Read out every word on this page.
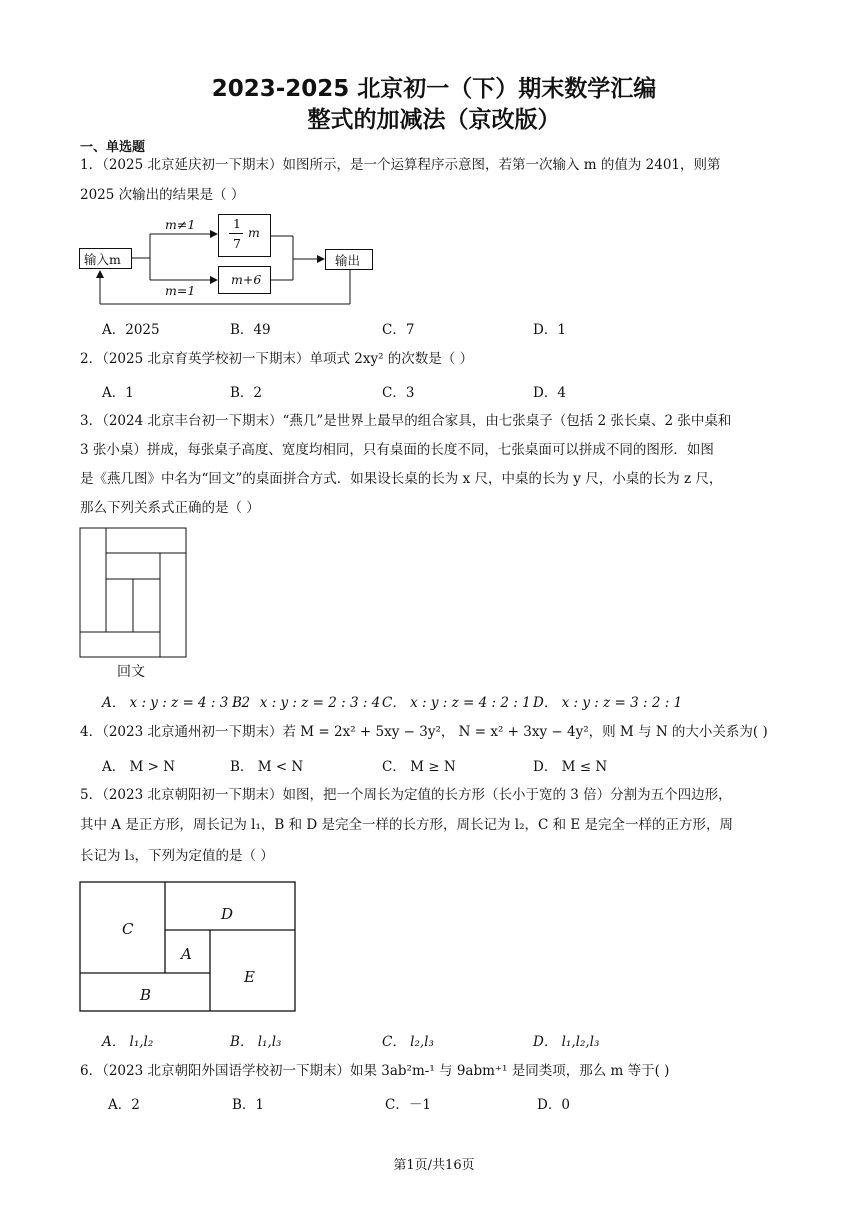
2023-2025 北京初一（下）期末数学汇编
整式的加减法（京改版）
一、单选题
1．（2025 北京延庆初一下期末）如图所示，是一个运算程序示意图，若第一次输入 m 的值为 2401，则第
2025 次输出的结果是（ ）
输入m
m≠1
m=1
1
7
m
m+6
输出
A．2025	B．49	C．7	D．1
2．（2025 北京育英学校初一下期末）单项式 2xy² 的次数是（ ）
A．1	B．2	C．3	D．4
3．（2024 北京丰台初一下期末）“燕几”是世界上最早的组合家具，由七张桌子（包括 2 张长桌、2 张中桌和
3 张小桌）拼成，每张桌子高度、宽度均相同，只有桌面的长度不同，七张桌面可以拼成不同的图形．如图
是《燕几图》中名为“回文”的桌面拼合方式．如果设长桌的长为 x 尺，中桌的长为 y 尺，小桌的长为 z 尺，
那么下列关系式正确的是（ ）
回文
A． x : y : z = 4 : 3 : 2
B． x : y : z = 2 : 3 : 4 C． x : y : z = 4 : 2 : 1 D． x : y : z = 3 : 2 : 1
4．（2023 北京通州初一下期末）若 M = 2x² + 5xy − 3y²， N = x² + 3xy − 4y²，则 M 与 N 的大小关系为( )
A． M > N	B． M < N	C． M ≥ N	D． M ≤ N
5．（2023 北京朝阳初一下期末）如图，把一个周长为定值的长方形（长小于宽的 3 倍）分割为五个四边形，
其中 A 是正方形，周长记为 l₁，B 和 D 是完全一样的长方形，周长记为 l₂，C 和 E 是完全一样的正方形，周
长记为 l₃，下列为定值的是（ ）
C
D
A
E
B
A． l₁,l₂	B． l₁,l₃	C． l₂,l₃	D． l₁,l₂,l₃
6．（2023 北京朝阳外国语学校初一下期末）如果 3ab²m-¹ 与 9abm⁺¹ 是同类项，那么 m 等于( )
A．2	B．1	C．－1	D．0
第1页/共16页
